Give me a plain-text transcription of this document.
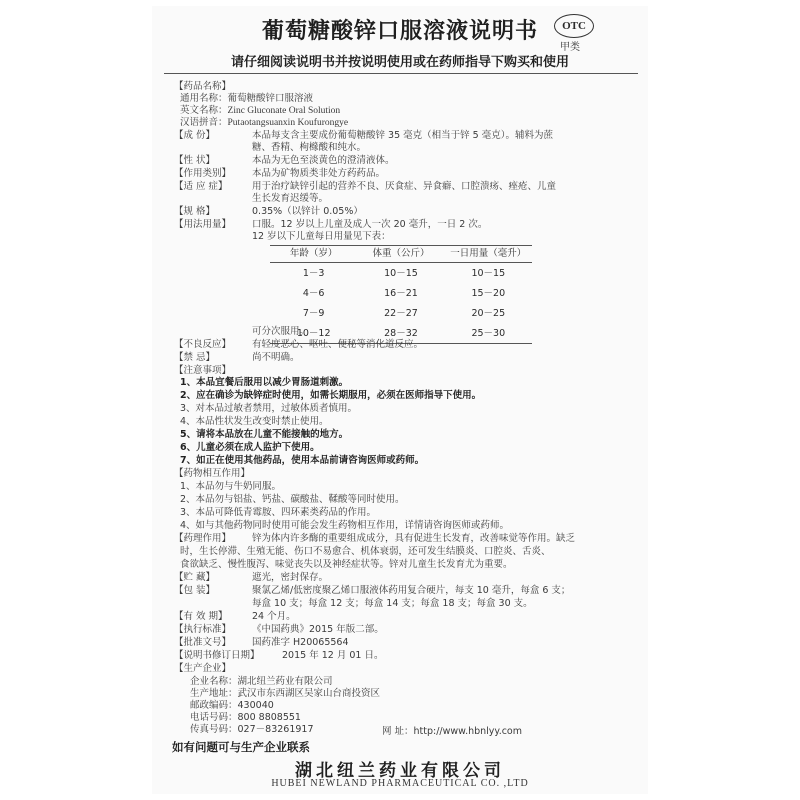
葡萄糖酸锌口服溶液说明书	OTC
甲类
请仔细阅读说明书并按说明使用或在药师指导下购买和使用
【药品名称】
通用名称：葡萄糖酸锌口服溶液
英文名称：Zinc Gluconate Oral Solution
汉语拼音：Putaotangsuanxin Koufurongye
【成 份】	本品每支含主要成份葡萄糖酸锌 35 毫克（相当于锌 5 毫克）。辅料为蔗
糖、香精、枸橼酸和纯水。
【性 状】	本品为无色至淡黄色的澄清液体。
【作用类别】 本品为矿物质类非处方药药品。
【适 应 症】	用于治疗缺锌引起的营养不良、厌食症、异食癖、口腔溃疡、痤疮、儿童
生长发育迟缓等。
【规 格】	0.35%（以锌计 0.05%）
【用法用量】 口服。12 岁以上儿童及成人一次 20 毫升，一日 2 次。
12 岁以下儿童每日用量见下表：
年龄（岁）	体重（公斤）	一日用量（毫升）
1－3	10－15	10－15
4－6	16－21	15－20
7－9	22－27	20－25
10－12	28－32	25－30
可分次服用。
【不良反应】 有轻度恶心、呕吐、便秘等消化道反应。
【禁 忌】	尚不明确。
【注意事项】
1、本品宜餐后服用以减少胃肠道刺激。
2、应在确诊为缺锌症时使用，如需长期服用，必须在医师指导下使用。
3、对本品过敏者禁用，过敏体质者慎用。
4、本品性状发生改变时禁止使用。
5、请将本品放在儿童不能接触的地方。
6、儿童必须在成人监护下使用。
7、如正在使用其他药品，使用本品前请咨询医师或药师。
【药物相互作用】
1、本品勿与牛奶同服。
2、本品勿与铝盐、钙盐、碳酸盐、鞣酸等同时使用。
3、本品可降低青霉胺、四环素类药品的作用。
4、如与其他药物同时使用可能会发生药物相互作用，详情请咨询医师或药师。
【药理作用】 锌为体内许多酶的重要组成成分，具有促进生长发育，改善味觉等作用。缺乏
时，生长停滞、生殖无能、伤口不易愈合、机体衰弱，还可发生结膜炎、口腔炎、舌炎、
食欲缺乏、慢性腹泻、味觉丧失以及神经症状等。锌对儿童生长发育尤为重要。
【贮 藏】	遮光，密封保存。
【包 装】	聚氯乙烯/低密度聚乙烯口服液体药用复合硬片，每支 10 毫升，每盒 6 支；
每盒 10 支；每盒 12 支；每盒 14 支；每盒 18 支；每盒 30 支。
【有 效 期】	24 个月。
【执行标准】 《中国药典》2015 年版二部。
【批准文号】 国药准字 H20065564
【说明书修订日期】 2015 年 12 月 01 日。
【生产企业】
企业名称：湖北纽兰药业有限公司
生产地址：武汉市东西湖区吴家山台商投资区
邮政编码：430040
电话号码：800 8808551
传真号码：027－83261917
如有问题可与生产企业联系
网 址：http://www.hbnlyy.com
湖北纽兰药业有限公司
HUBEI NEWLAND PHARMACEUTICAL CO. ,LTD
